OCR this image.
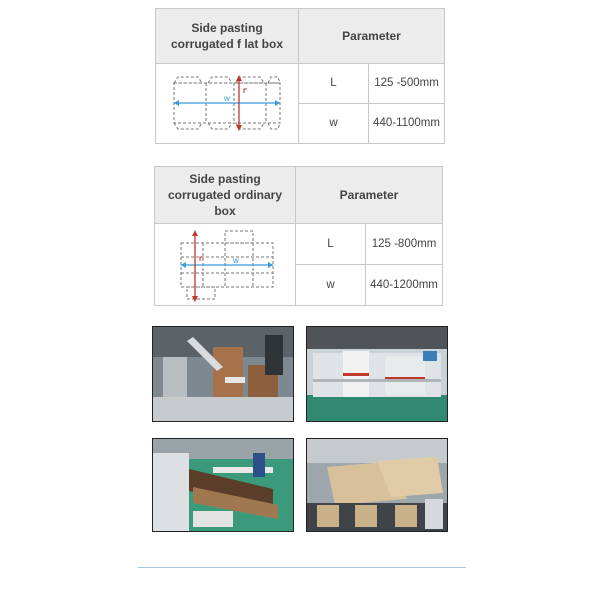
Side pasting corrugated f lat box	Parameter	

w	L	125 -500mm
	w	440-1100mm
Side pasting corrugated ordinary box	Parameter	

w	L	125 -800mm
	w	440-1200mm
